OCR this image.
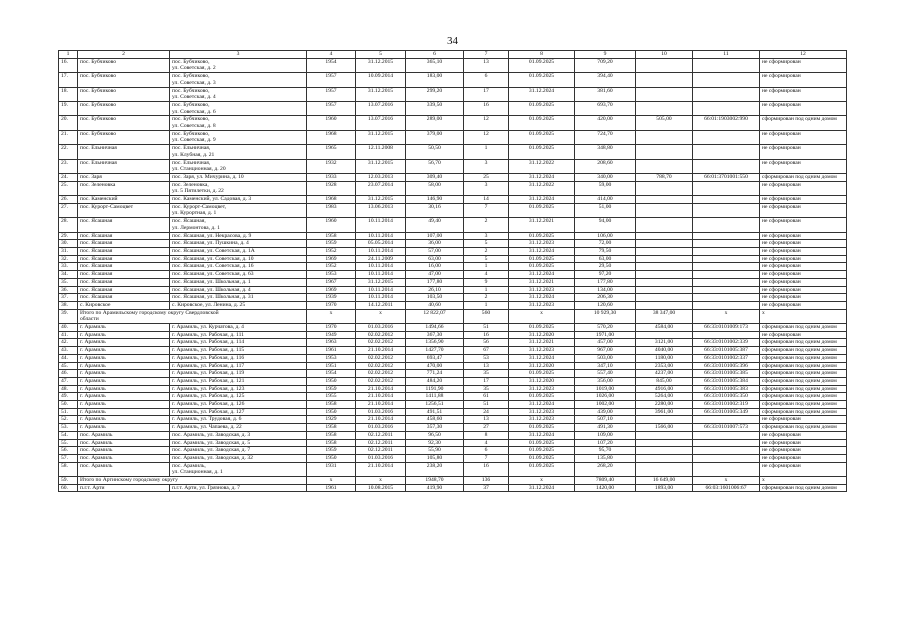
34
1	2	3	4	5	6	7	8	9	10	11	12
16.	пос. Бубчиково	пос. Бубчиково,
ул. Советская, д. 2	1954	31.12.2015	365,10	13	01.09.2025	709,20			не сформирован
17.	пос. Бубчиково	пос. Бубчиково,
ул. Советская, д. 3	1957	10.09.2014	183,00	6	01.09.2025	394,40			не сформирован
18.	пос. Бубчиково	пос. Бубчиково,
ул. Советская, д. 4	1957	31.12.2015	299,20	17	31.12.2024	381,60			не сформирован
19.	пос. Бубчиково	пос. Бубчиково,
ул. Советская, д. 6	1957	13.07.2016	339,50	16	01.09.2025	693,70			не сформирован
20.	пос. Бубчиково	пос. Бубчиково,
ул. Советская, д. 8	1960	13.07.2016	289,00	12	01.09.2025	420,00	505,00	66:01:1903002:990	сформирован под одним домом
21.	пос. Бубчиково	пос. Бубчиково,
ул. Советская, д. 9	1968	31.12.2015	379,00	12	01.09.2025	724,70			не сформирован
22.	пос. Ельничная	пос. Ельничная,
ул. Клубная, д. 21	1965	12.11.2008	50,50	1	01.09.2025	348,80			не сформирован
23.	пос. Ельничная	пос. Ельничная,
ул. Станционная, д. 20	1932	31.12.2015	56,70	3	31.12.2022	208,60			не сформирован
24.	пос. Заря	пос. Заря, ул. Мичурина, д. 10	1933	12.03.2013	309,40	25	31.12.2024	340,00	788,70	66:01:3701001:550	сформирован под одним домом
25.	пос. Зеленовка	пос. Зеленовка,
ул. 5 Пятилетки, д. 22	1928	23.07.2014	58,00	3	31.12.2022	59,00			не сформирован
26.	пос. Каменский	пос. Каменский, ул. Садовая, д. 3	1968	31.12.2015	146,90	14	31.12.2024	414,00			не сформирован
27.	пос. Курорт-Самоцвет	пос. Курорт-Самоцвет,
ул. Курортная, д. 1	1983	13.06.2013	30,16	7	01.09.2025	51,00			не сформирован
28.	пос. Ясашная	пос. Ясашная,
ул. Лермонтова, д. 1	1960	10.11.2014	49,40	2	31.12.2021	94,00			не сформирован
29.	пос. Ясашная	пос. Ясашная, ул. Некрасова, д. 9	1958	10.11.2014	107,00	3	01.09.2025	106,00			не сформирован
30.	пос. Ясашная	пос. Ясашная, ул. Пушкина, д. 4	1959	05.05.2014	36,00	5	31.12.2023	72,00			не сформирован
31.	пос. Ясашная	пос. Ясашная, ул. Советская, д. 1А	1952	10.11.2014	57,00	2	31.12.2024	79,50			не сформирован
32.	пос. Ясашная	пос. Ясашная, ул. Советская, д. 10	1969	24.11.2009	63,00	5	01.09.2025	63,00			не сформирован
33.	пос. Ясашная	пос. Ясашная, ул. Советская, д. 16	1952	10.11.2014	16,00	1	01.09.2025	29,50			не сформирован
34.	пос. Ясашная	пос. Ясашная, ул. Советская, д. 63	1953	10.11.2014	47,00	4	31.12.2024	97,20			не сформирован
35.	пос. Ясашная	пос. Ясашная, ул. Школьная, д. 1	1967	31.12.2015	177,80	9	31.12.2021	177,80			не сформирован
36.	пос. Ясашная	пос. Ясашная, ул. Школьная, д. 4	1969	10.11.2014	26,10	1	31.12.2023	134,00			не сформирован
37.	пос. Ясашная	пос. Ясашная, ул. Школьная, д. 31	1939	10.11.2014	103,50	2	31.12.2024	206,30			не сформирован
38.	с. Кировское	с. Кировское, ул. Ленина, д. 25	1970	14.12.2011	40,60	1	31.12.2023	120,60			не сформирован
39.	Итого по Арамильскому городскому округу Свердловской
области		x	x	12 822,07	560	x	10 929,30	38 347,00	x	x
40.	г. Арамиль	г. Арамиль, ул. Курчатова, д. 4	1970	01.03.2016	1494,66	51	01.09.2025	570,20	4584,00	66:33:0101009:173	сформирован под одним домом
41.	г. Арамиль	г. Арамиль, ул. Рабочая, д. 111	1949	02.02.2012	367,30	16	31.12.2020	1971,00			не сформирован
42.	г. Арамиль	г. Арамиль, ул. Рабочая, д. 114	1963	02.02.2012	1356,90	56	31.12.2021	457,00	3121,00	66:33:0101002:339	сформирован под одним домом
43.	г. Арамиль	г. Арамиль, ул. Рабочая, д. 115	1961	21.10.2014	1427,70	67	31.12.2023	967,00	4040,00	66:33:0101005:387	сформирован под одним домом
44.	г. Арамиль	г. Арамиль, ул. Рабочая, д. 116	1953	02.02.2012	693,47	53	31.12.2024	503,00	1180,00	66:33:0101002:337	сформирован под одним домом
45.	г. Арамиль	г. Арамиль, ул. Рабочая, д. 117	1951	02.02.2012	470,00	13	31.12.2020	347,10	2353,00	66:33:0101005:396	сформирован под одним домом
46.	г. Арамиль	г. Арамиль, ул. Рабочая, д. 119	1954	02.02.2012	771,24	35	01.09.2025	557,40	4237,00	66:33:0101005:385	сформирован под одним домом
47.	г. Арамиль	г. Арамиль, ул. Рабочая, д. 121	1950	02.02.2012	484,20	17	31.12.2020	356,00	845,00	66:33:0101005:384	сформирован под одним домом
48.	г. Арамиль	г. Арамиль, ул. Рабочая, д. 123	1959	21.10.2014	1191,90	35	31.12.2023	1019,00	4916,00	66:33:0101005:383	сформирован под одним домом
49.	г. Арамиль	г. Арамиль, ул. Рабочая, д. 125	1955	21.10.2014	1411,88	61	01.09.2025	1026,00	5264,00	66:33:0101005:350	сформирован под одним домом
50.	г. Арамиль	г. Арамиль, ул. Рабочая, д. 126	1958	21.10.2014	1256,51	51	31.12.2024	1002,00	2280,00	66:33:0101002:319	сформирован под одним домом
51.	г. Арамиль	г. Арамиль, ул. Рабочая, д. 127	1950	01.03.2016	491,51	24	31.12.2023	439,00	3961,00	66:33:0101005:349	сформирован под одним домом
52.	г. Арамиль	г. Арамиль, ул. Трудовая, д. 6	1929	21.10.2014	458,60	13	31.12.2023	507,10			не сформирован
53.	г. Арамиль	г. Арамиль, ул. Чапаева, д. 22	1958	01.03.2016	357,30	27	01.09.2025	491,30	1566,00	66:33:0101007:573	сформирован под одним домом
54.	пос. Арамиль	пос. Арамиль, ул. Заводская, д. 3	1958	02.12.2011	96,50	8	31.12.2024	109,00			не сформирован
55.	пос. Арамиль	пос. Арамиль, ул. Заводская, д. 5	1958	02.12.2011	92,30	4	01.09.2025	107,20			не сформирован
56.	пос. Арамиль	пос. Арамиль, ул. Заводская, д. 7	1959	02.12.2011	55,90	6	01.09.2025	95,70			не сформирован
57.	пос. Арамиль	пос. Арамиль, ул. Заводская, д. 32	1950	01.03.2016	105,80	7	01.09.2025	135,80			не сформирован
58.	пос. Арамиль	пос. Арамиль,
ул. Станционная, д. 1	1931	21.10.2014	238,20	16	01.09.2025	268,20			не сформирован
59.	Итого по Артинскому городскому округу		x	x	1948,70	136	x	7809,40	16 649,00	x	x
60.	п.г.т. Арти	п.г.т. Арти, ул. Грязнова, д. 7	1961	10.08.2015	419,90	37	31.12.2024	1420,00	1893,00	66:03:1601006:67	сформирован под одним домом
